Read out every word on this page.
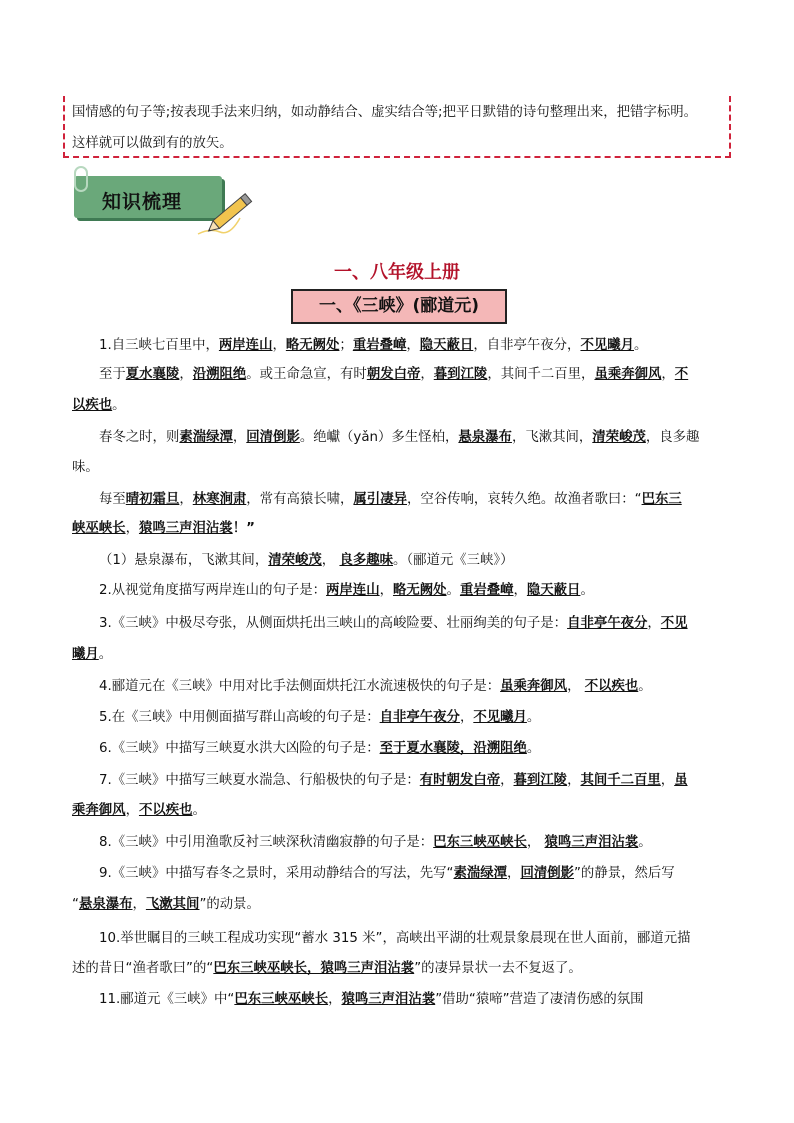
国情感的句子等;按表现手法来归纳，如动静结合、虚实结合等;把平日默错的诗句整理出来，把错字标明。
这样就可以做到有的放矢。
知识梳理
一、八年级上册
一、《三峡》(郦道元)
1.自三峡七百里中，两岸连山，略无阙处；重岩叠嶂，隐天蔽日，自非亭午夜分，不见曦月。
至于夏水襄陵，沿溯阻绝。或王命急宣，有时朝发白帝，暮到江陵，其间千二百里，虽乘奔御风，不
以疾也。
春冬之时，则素湍绿潭，回清倒影。绝巘（yǎn）多生怪柏，悬泉瀑布，飞漱其间，清荣峻茂，良多趣
味。
每至晴初霜旦，林寒涧肃，常有高猿长啸，属引凄异，空谷传响，哀转久绝。故渔者歌曰：“巴东三
峡巫峡长，猿鸣三声泪沾裳！”
（1）悬泉瀑布，飞漱其间，清荣峻茂， 良多趣味。（郦道元《三峡》）
2.从视觉角度描写两岸连山的句子是：两岸连山，略无阙处。重岩叠嶂，隐天蔽日。
3.《三峡》中极尽夸张，从侧面烘托出三峡山的高峻险要、壮丽绚美的句子是：自非亭午夜分，不见
曦月。
4.郦道元在《三峡》中用对比手法侧面烘托江水流速极快的句子是：虽乘奔御风， 不以疾也。
5.在《三峡》中用侧面描写群山高峻的句子是：自非亭午夜分，不见曦月。
6.《三峡》中描写三峡夏水洪大凶险的句子是：至于夏水襄陵，沿溯阻绝。
7.《三峡》中描写三峡夏水湍急、行船极快的句子是：有时朝发白帝，暮到江陵，其间千二百里，虽
乘奔御风，不以疾也。
8.《三峡》中引用渔歌反衬三峡深秋清幽寂静的句子是：巴东三峡巫峡长， 猿鸣三声泪沾裳。
9.《三峡》中描写春冬之景时，采用动静结合的写法，先写“素湍绿潭，回清倒影”的静景，然后写
“悬泉瀑布，飞漱其间”的动景。
10.举世瞩目的三峡工程成功实现“蓄水 315 米”，高峡出平湖的壮观景象晨现在世人面前，郦道元描
述的昔日“渔者歌曰”的“巴东三峡巫峡长，猿鸣三声泪沾裳”的凄异景状一去不复返了。
11.郦道元《三峡》中“巴东三峡巫峡长，猿鸣三声泪沾裳”借助“猿啼”营造了凄清伤感的氛围
